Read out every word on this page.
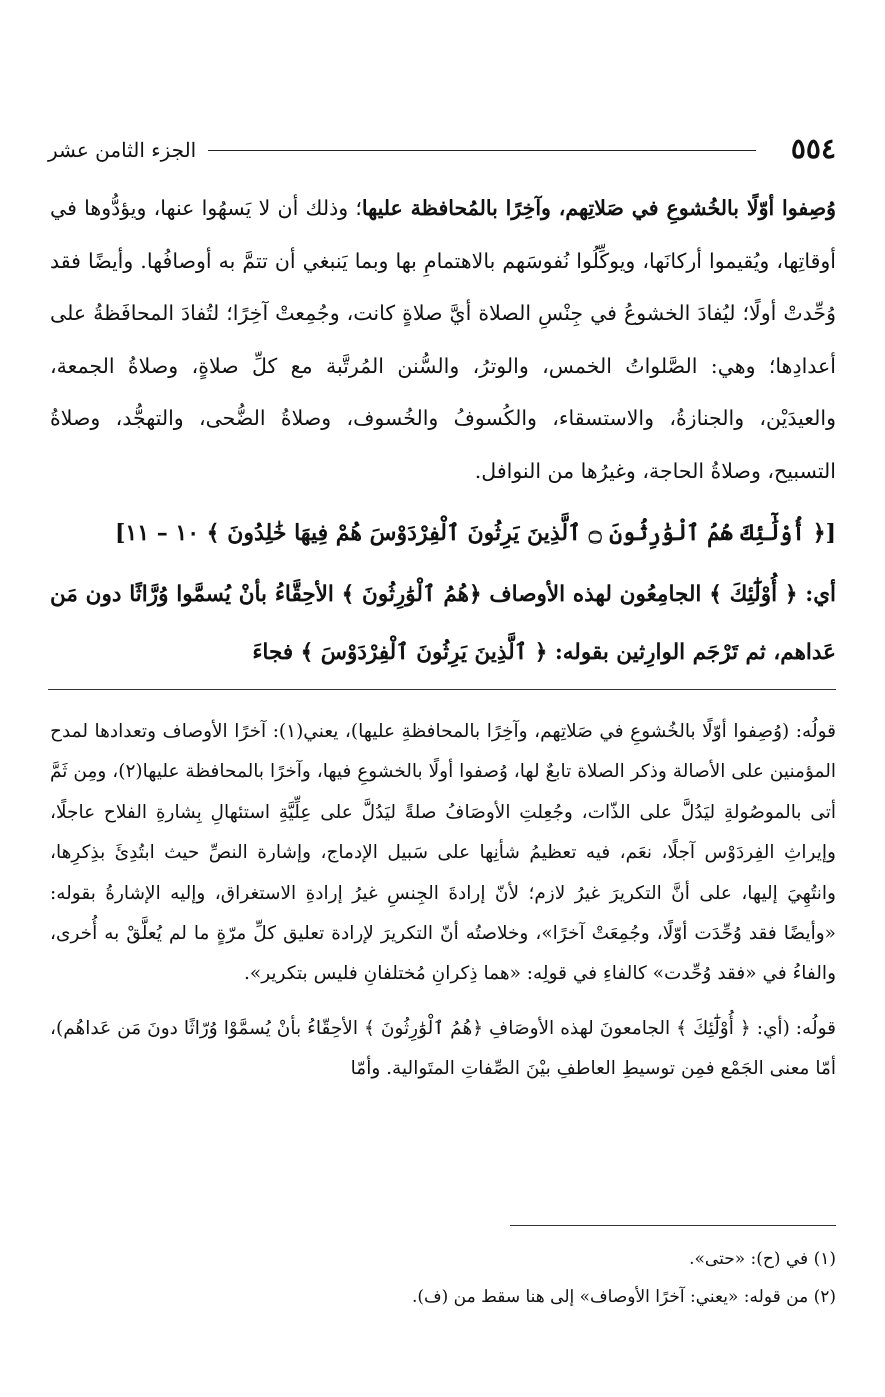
٥٥٤
الجزء الثامن عشر

وُصِفوا أوّلًا بالخُشوعِ في صَلاتِهم، وآخِرًا بالمُحافظة عليها؛ وذلك أن لا يَسهُوا عنها، ويؤدُّوها في أوقاتِها، ويُقيموا أركانَها، ويوكِّلُوا نُفوسَهم بالاهتمامِ بها وبما يَنبغي أن تتمَّ به أوصافُها. وأيضًا فقد وُحِّدتْ أولًا؛ ليُفادَ الخشوعُ في جِنْسِ الصلاة أيَّ صلاةٍ كانت، وجُمِعتْ آخِرًا؛ لتُفادَ المحافَظةُ على أعدادِها؛ وهي: الصَّلواتُ الخمس، والوترُ، والسُّنن المُرتَّبة مع كلِّ صلاةٍ، وصلاةُ الجمعة، والعيدَيْن، والجنازةُ، والاستسقاء، والكُسوفُ والخُسوف، وصلاةُ الضُّحى، والتهجُّد، وصلاةُ التسبيح، وصلاةُ الحاجة، وغيرُها من النوافل.

[﴿ أُوْلَٰٓئِكَ هُمُ ٱلْوَٰرِثُونَ ۝ ٱلَّذِينَ يَرِثُونَ ٱلْفِرْدَوْسَ هُمْ فِيهَا خَٰلِدُونَ ﴾ ١٠ – ١١]

أي: ﴿ أُوْلَٰٓئِكَ ﴾ الجامِعُون لهذه الأوصاف ﴿هُمُ ٱلْوَٰرِثُونَ ﴾ الأحِقَّاءُ بأنْ يُسمَّوا وُرَّاثًا دون مَن عَداهم، ثم تَرْجَم الوارِثين بقوله: ﴿ ٱلَّذِينَ يَرِثُونَ ٱلْفِرْدَوْسَ ﴾ فجاءَ

قولُه: (وُصِفوا أوّلًا بالخُشوعِ في صَلاتِهم، وآخِرًا بالمحافظةِ عليها)، يعني(١): آخرًا الأوصاف وتعدادها لمدح المؤمنين على الأصالة وذكر الصلاة تابعٌ لها، وُصفوا أولًا بالخشوعِ فيها، وآخرًا بالمحافظة عليها(٢)، ومِن ثَمَّ أتى بالموصُولةِ ليَدُلَّ على الذّات، وجُعِلتِ الأوصَافُ صلةً ليَدُلَّ على عِلِّيَّةِ استئهالِ بِشارةِ الفلاح عاجلًا، وإيراثِ الفِردَوْس آجلًا، نعَم، فيه تعظيمُ شأنِها على سَبيل الإدماج، وإشارة النصِّ حيث ابتُدِئَ بذِكرِها، وانتُهِيَ إليها، على أنَّ التكريرَ غيرُ لازم؛ لأنّ إرادةَ الجِنسِ غيرُ إرادةِ الاستغراق، وإليه الإشارةُ بقوله: «وأيضًا فقد وُحِّدَت أوّلًا، وجُمِعَتْ آخرًا»، وخلاصتُه أنّ التكريرَ لإرادة تعليق كلِّ مرّةٍ ما لم يُعلَّقْ به أُخرى، والفاءُ في «فقد وُحِّدت» كالفاءِ في قولِه: «هما ذِكرانِ مُختلفانِ فليس بتكرير».

قولُه: (أي: ﴿ أُوْلَٰٓئِكَ ﴾ الجامعونَ لهذه الأوصَافِ ﴿هُمُ ٱلْوَٰرِثُونَ ﴾ الأحِقّاءُ بأنْ يُسمَّوْا وُرّاثًا دونَ مَن عَداهُم)، أمّا معنى الجَمْع فمِن توسيطِ العاطفِ بيْنَ الصِّفاتِ المتَوالية. وأمّا

(١) في (ح): «حتى».

(٢) من قوله: «يعني: آخرًا الأوصاف» إلى هنا سقط من (ف).
